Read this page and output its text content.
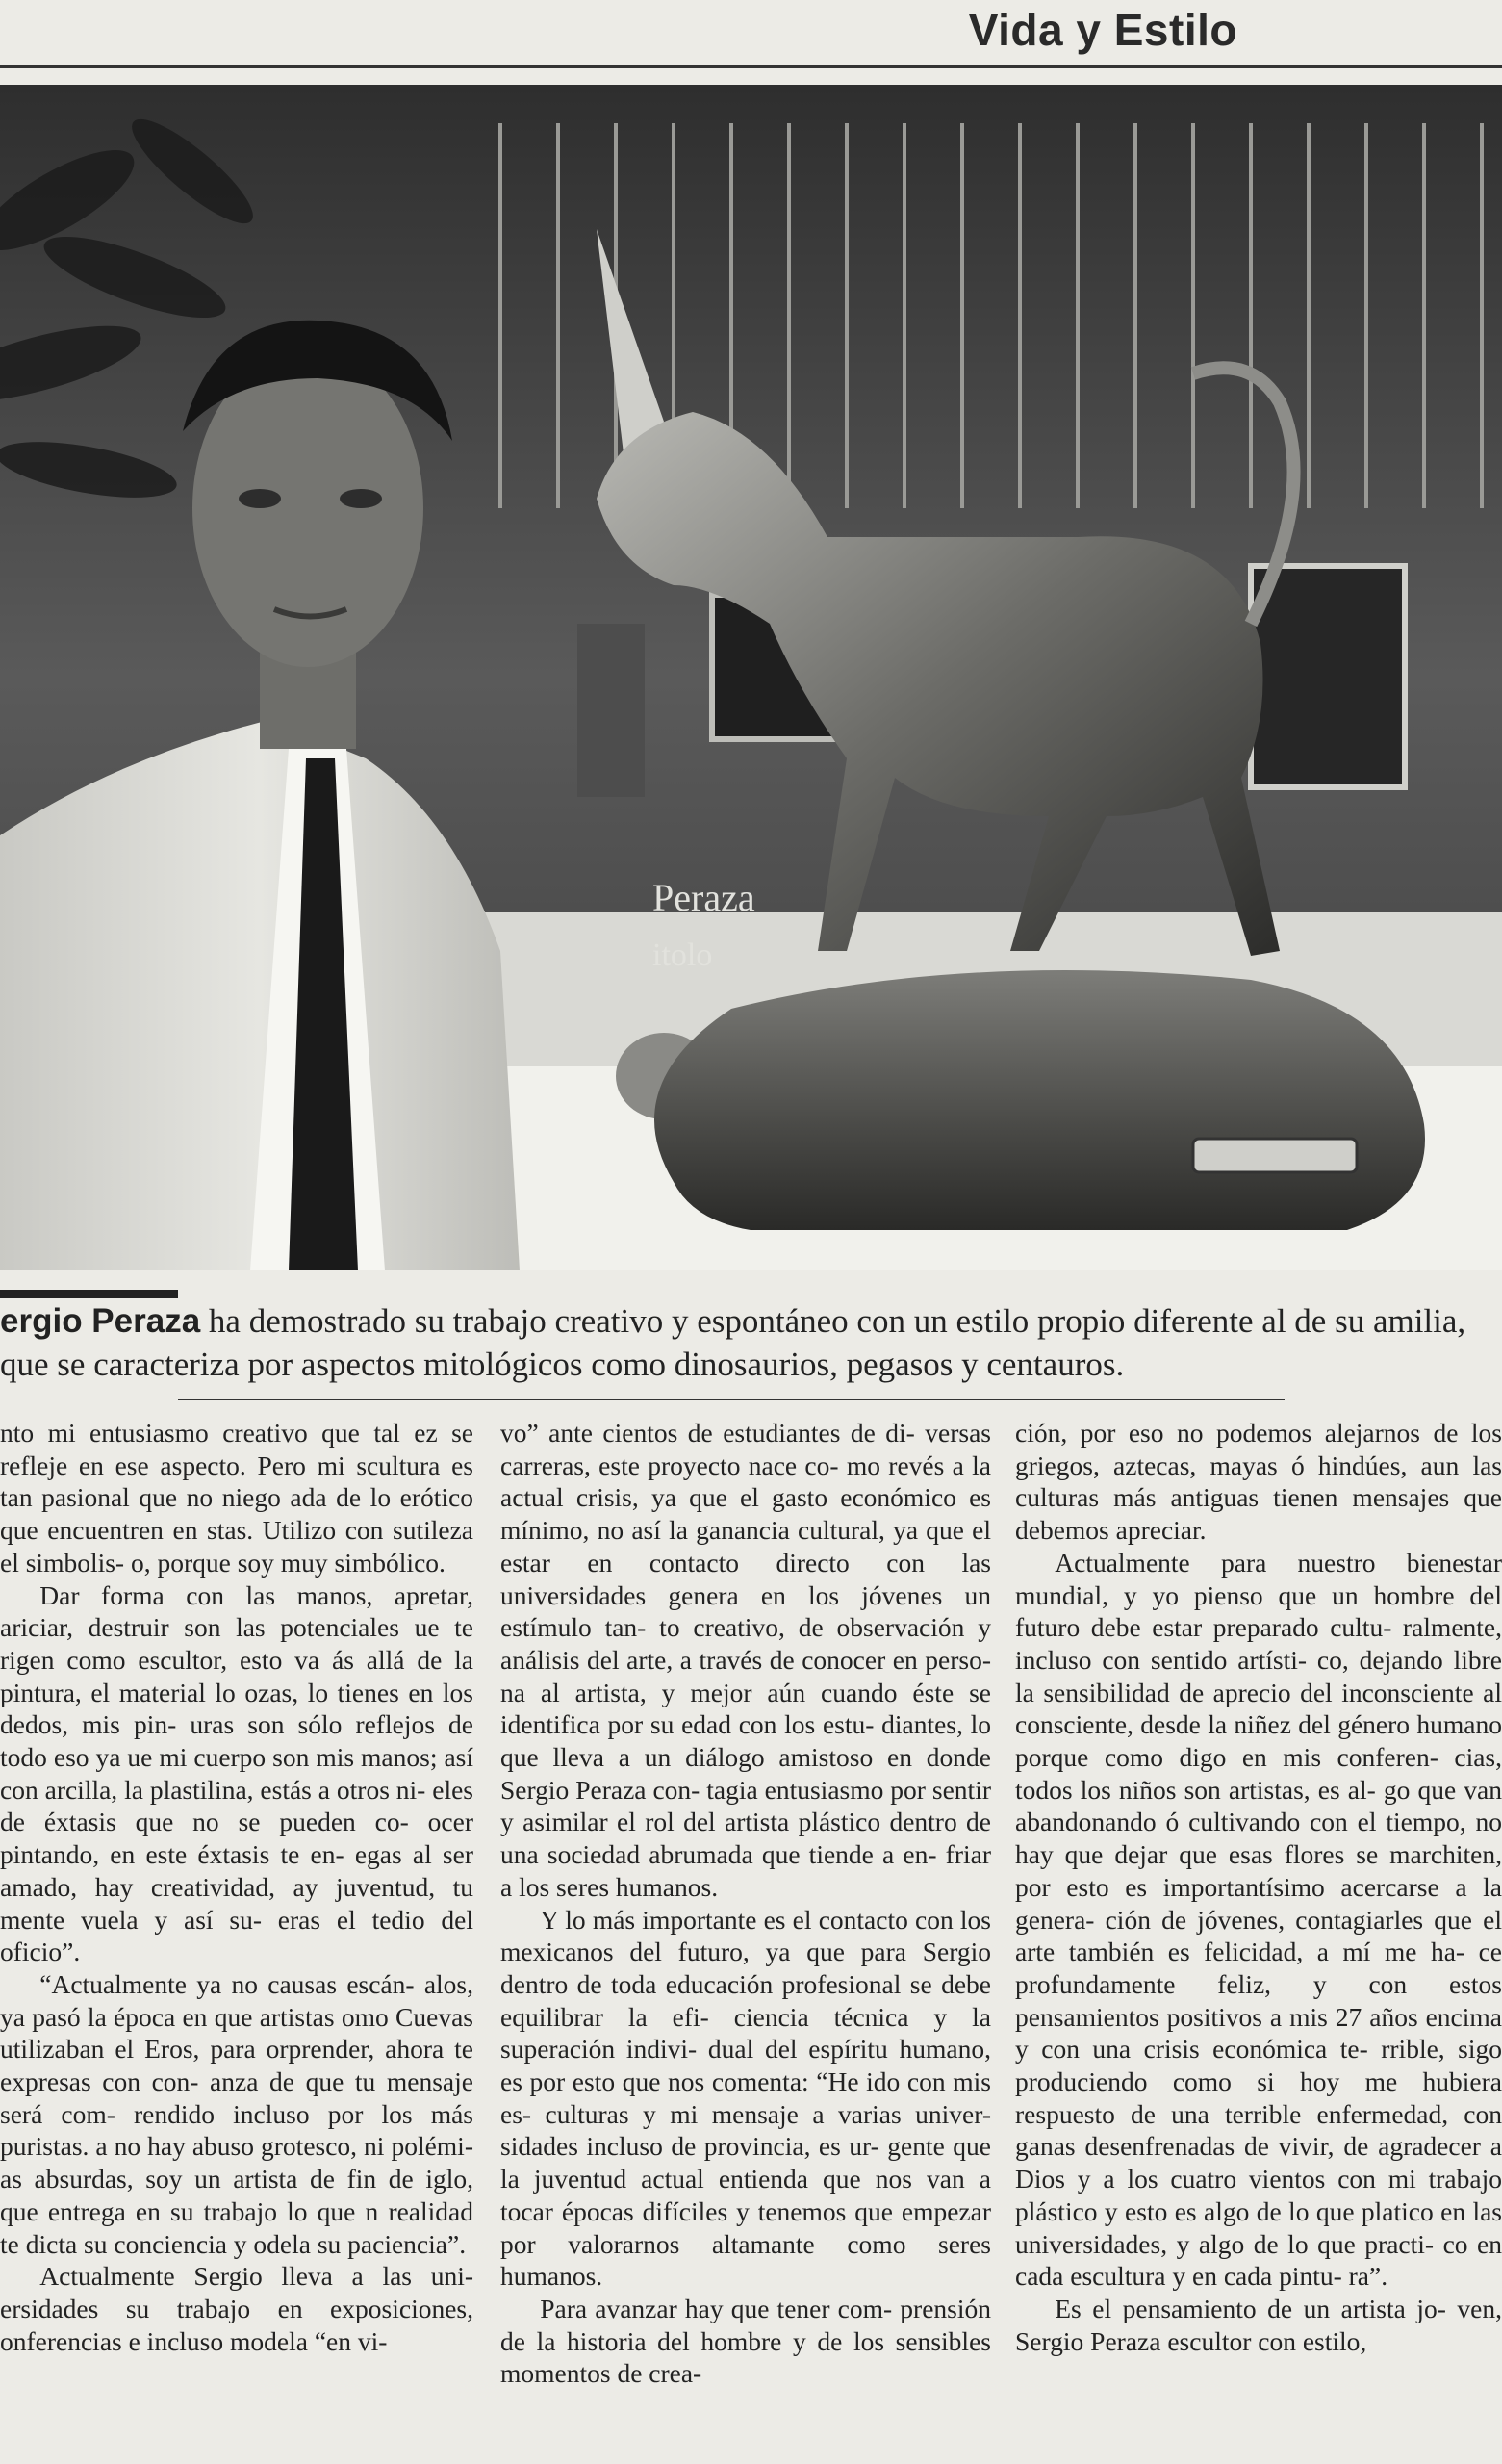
Vida y Estilo
Peraza
itolo

ergio Peraza ha demostrado su trabajo creativo y espontáneo con un estilo propio diferente al de su amilia, que se caracteriza por aspectos mitológicos como dinosaurios, pegasos y centauros.

nto mi entusiasmo creativo que tal ez se refleje en ese aspecto. Pero mi scultura es tan pasional que no niego ada de lo erótico que encuentren en stas. Utilizo con sutileza el simbolis- o, porque soy muy simbólico.

Dar forma con las manos, apretar, ariciar, destruir son las potenciales ue te rigen como escultor, esto va ás allá de la pintura, el material lo ozas, lo tienes en los dedos, mis pin- uras son sólo reflejos de todo eso ya ue mi cuerpo son mis manos; así con arcilla, la plastilina, estás a otros ni- eles de éxtasis que no se pueden co- ocer pintando, en este éxtasis te en- egas al ser amado, hay creatividad, ay juventud, tu mente vuela y así su- eras el tedio del oficio”.

“Actualmente ya no causas escán- alos, ya pasó la época en que artistas omo Cuevas utilizaban el Eros, para orprender, ahora te expresas con con- anza de que tu mensaje será com- rendido incluso por los más puristas. a no hay abuso grotesco, ni polémi- as absurdas, soy un artista de fin de iglo, que entrega en su trabajo lo que n realidad te dicta su conciencia y odela su paciencia”.

Actualmente Sergio lleva a las uni- ersidades su trabajo en exposiciones, onferencias e incluso modela “en vi-

vo” ante cientos de estudiantes de di- versas carreras, este proyecto nace co- mo revés a la actual crisis, ya que el gasto económico es mínimo, no así la ganancia cultural, ya que el estar en contacto directo con las universidades genera en los jóvenes un estímulo tan- to creativo, de observación y análisis del arte, a través de conocer en perso- na al artista, y mejor aún cuando éste se identifica por su edad con los estu- diantes, lo que lleva a un diálogo amistoso en donde Sergio Peraza con- tagia entusiasmo por sentir y asimilar el rol del artista plástico dentro de una sociedad abrumada que tiende a en- friar a los seres humanos.

Y lo más importante es el contacto con los mexicanos del futuro, ya que para Sergio dentro de toda educación profesional se debe equilibrar la efi- ciencia técnica y la superación indivi- dual del espíritu humano, es por esto que nos comenta: “He ido con mis es- culturas y mi mensaje a varias univer- sidades incluso de provincia, es ur- gente que la juventud actual entienda que nos van a tocar épocas difíciles y tenemos que empezar por valorarnos altamante como seres humanos.

Para avanzar hay que tener com- prensión de la historia del hombre y de los sensibles momentos de crea-

ción, por eso no podemos alejarnos de los griegos, aztecas, mayas ó hindúes, aun las culturas más antiguas tienen mensajes que debemos apreciar.

Actualmente para nuestro bienestar mundial, y yo pienso que un hombre del futuro debe estar preparado cultu- ralmente, incluso con sentido artísti- co, dejando libre la sensibilidad de aprecio del inconsciente al consciente, desde la niñez del género humano porque como digo en mis conferen- cias, todos los niños son artistas, es al- go que van abandonando ó cultivando con el tiempo, no hay que dejar que esas flores se marchiten, por esto es importantísimo acercarse a la genera- ción de jóvenes, contagiarles que el arte también es felicidad, a mí me ha- ce profundamente feliz, y con estos pensamientos positivos a mis 27 años encima y con una crisis económica te- rrible, sigo produciendo como si hoy me hubiera respuesto de una terrible enfermedad, con ganas desenfrenadas de vivir, de agradecer a Dios y a los cuatro vientos con mi trabajo plástico y esto es algo de lo que platico en las universidades, y algo de lo que practi- co en cada escultura y en cada pintu- ra”.

Es el pensamiento de un artista jo- ven, Sergio Peraza escultor con estilo,
